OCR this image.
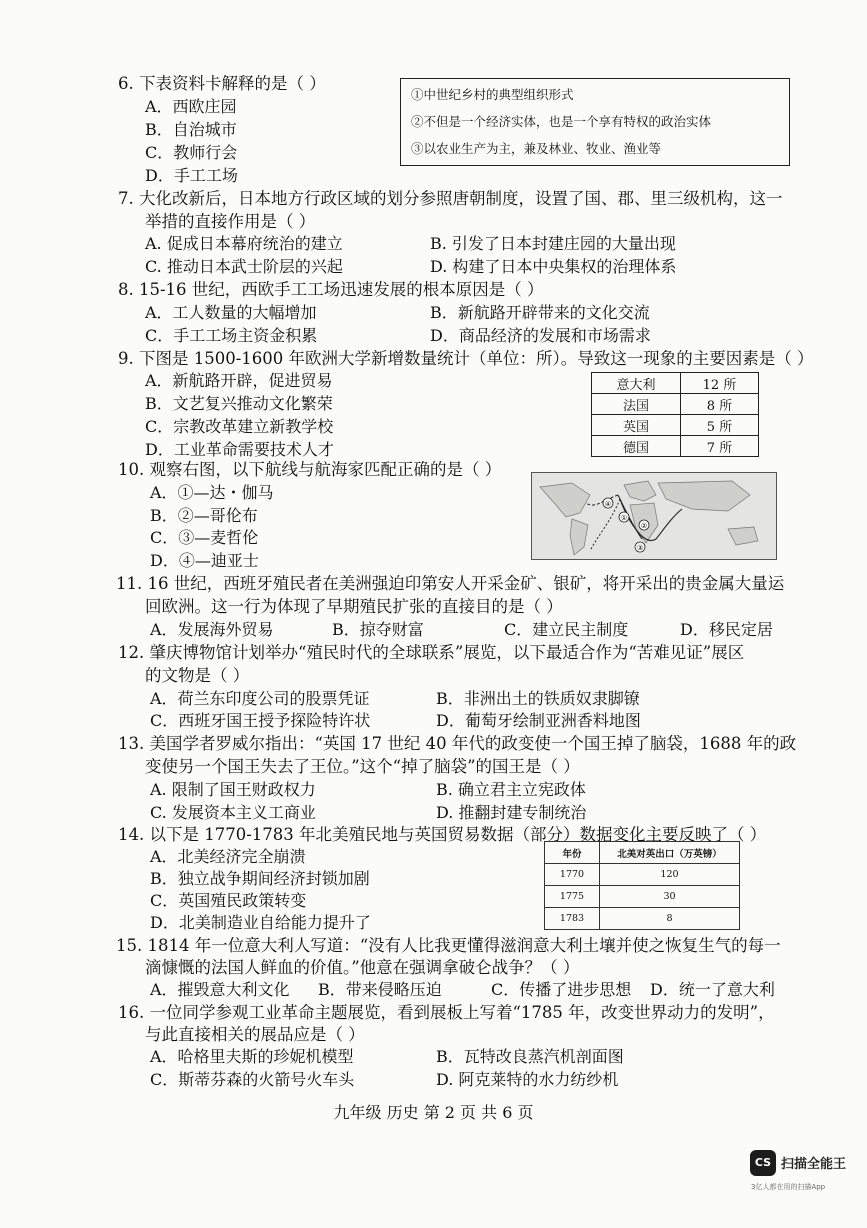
6. 下表资料卡解释的是（ ）
A．西欧庄园
B．自治城市
C．教师行会
D．手工工场
①中世纪乡村的典型组织形式
②不但是一个经济实体，也是一个享有特权的政治实体
③以农业生产为主，兼及林业、牧业、渔业等
7. 大化改新后，日本地方行政区域的划分参照唐朝制度，设置了国、郡、里三级机构，这一
举措的直接作用是（ ）
A. 促成日本幕府统治的建立	B. 引发了日本封建庄园的大量出现
C. 推动日本武士阶层的兴起	D. 构建了日本中央集权的治理体系
8. 15-16 世纪，西欧手工工场迅速发展的根本原因是（ ）
A．工人数量的大幅增加	B．新航路开辟带来的文化交流
C．手工工场主资金积累	D．商品经济的发展和市场需求
9. 下图是 1500-1600 年欧洲大学新增数量统计（单位：所）。导致这一现象的主要因素是（ ）
A．新航路开辟，促进贸易
B．文艺复兴推动文化繁荣
C．宗教改革建立新教学校
D．工业革命需要技术人才
意大利	12 所
法国	8 所
英国	5 所
德国	7 所
10. 观察右图，以下航线与航海家匹配正确的是（ ）
A．①—达・伽马
B．②—哥伦布
C．③—麦哲伦
D．④—迪亚士
④
①
③
②
11. 16 世纪，西班牙殖民者在美洲强迫印第安人开采金矿、银矿，将开采出的贵金属大量运
回欧洲。这一行为体现了早期殖民扩张的直接目的是（ ）
A．发展海外贸易	B．掠夺财富	C．建立民主制度	D．移民定居
12. 肇庆博物馆计划举办“殖民时代的全球联系”展览，以下最适合作为“苦难见证”展区
的文物是（ ）
A．荷兰东印度公司的股票凭证	B．非洲出土的铁质奴隶脚镣
C．西班牙国王授予探险特许状	D．葡萄牙绘制亚洲香料地图
13. 美国学者罗威尔指出：“英国 17 世纪 40 年代的政变使一个国王掉了脑袋，1688 年的政
变使另一个国王失去了王位。”这个“掉了脑袋”的国王是（ ）
A. 限制了国王财政权力	B. 确立君主立宪政体
C. 发展资本主义工商业	D. 推翻封建专制统治
14. 以下是 1770-1783 年北美殖民地与英国贸易数据（部分）数据变化主要反映了（ ）
A．北美经济完全崩溃
B．独立战争期间经济封锁加剧
C．英国殖民政策转变
D．北美制造业自给能力提升了
年份	北美对英出口（万英镑）
1770	120
1775	30
1783	8
15. 1814 年一位意大利人写道：“没有人比我更懂得滋润意大利土壤并使之恢复生气的每一
滴慷慨的法国人鲜血的价值。”他意在强调拿破仑战争？（ ）
A．摧毁意大利文化 B．带来侵略压迫	C．传播了进步思想 D．统一了意大利
16. 一位同学参观工业革命主题展览，看到展板上写着“1785 年，改变世界动力的发明”，
与此直接相关的展品应是（ ）
A．哈格里夫斯的珍妮机模型	B．瓦特改良蒸汽机剖面图
C．斯蒂芬森的火箭号火车头	D. 阿克莱特的水力纺纱机
九年级 历史 第 2 页 共 6 页
CS 扫描全能王
3亿人都在用的扫描App
